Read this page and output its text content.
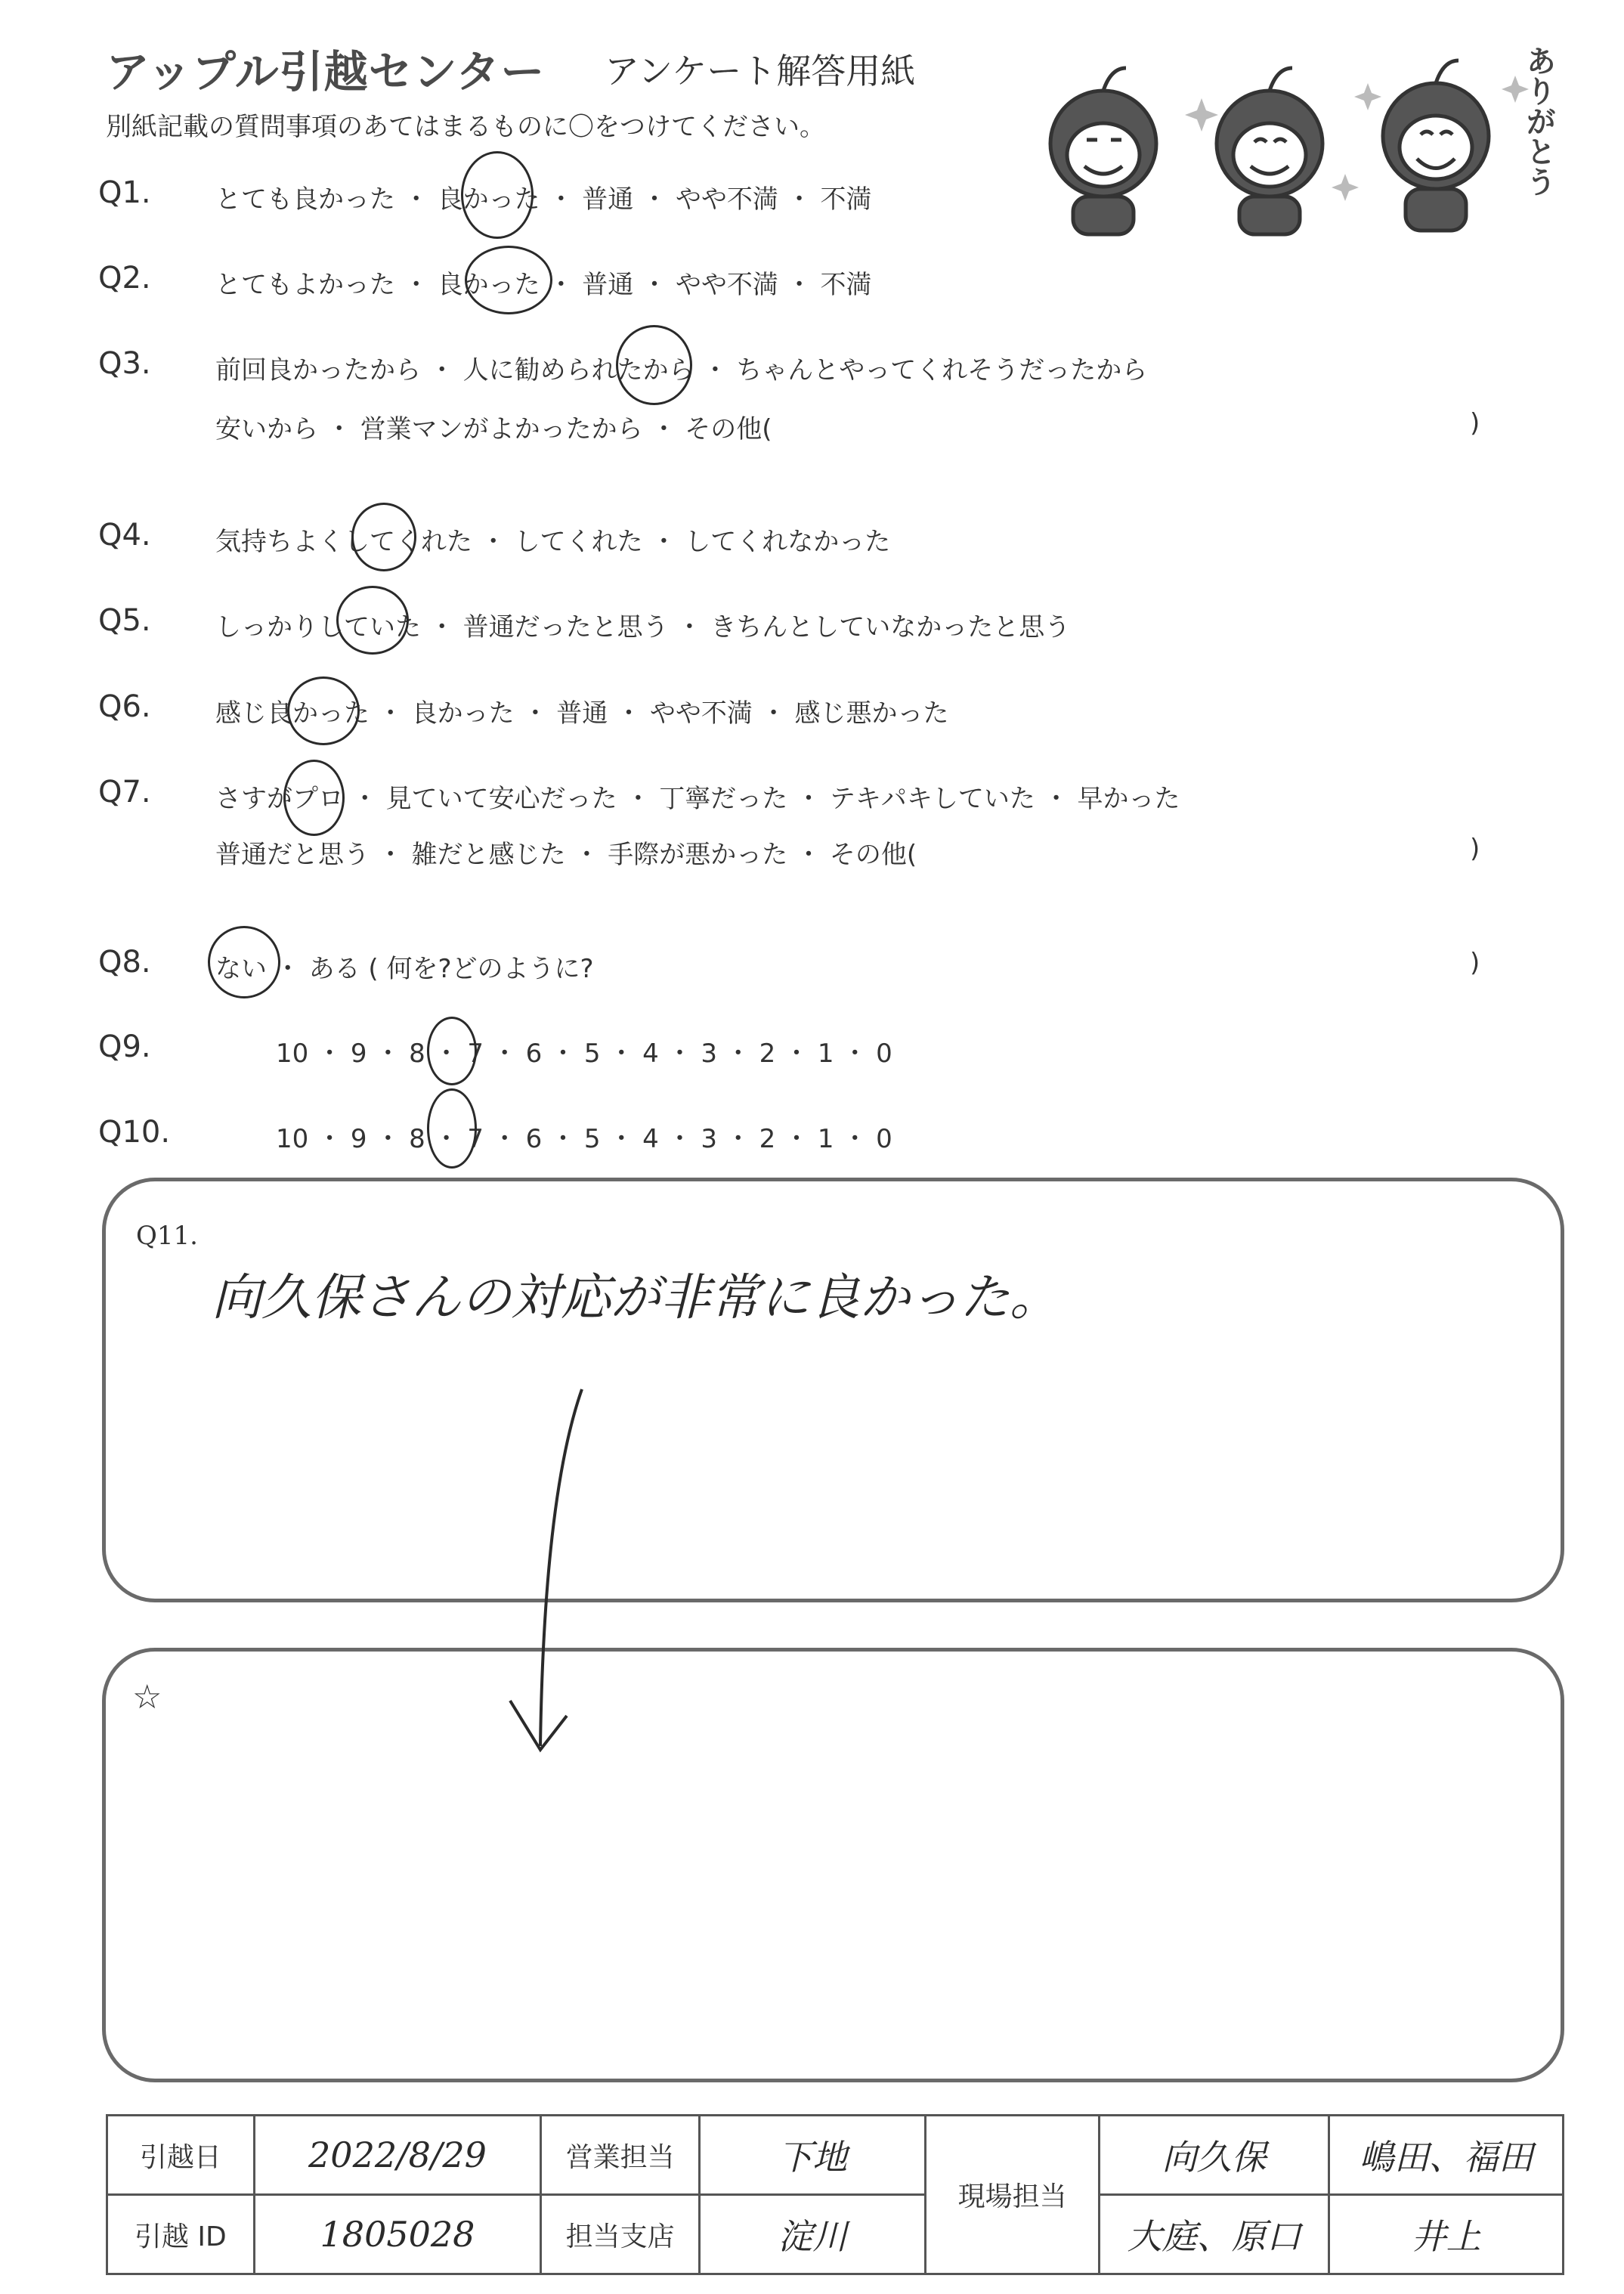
アップル引越センター アンケート解答用紙
別紙記載の質問事項のあてはまるものに〇をつけてください。	ありがとう
Q1.	とても良かった ・ 良かった ・ 普通 ・ やや不満 ・ 不満
Q2.	とてもよかった ・ 良かった ・ 普通 ・ やや不満 ・ 不満
Q3.	前回良かったから ・ 人に勧められたから ・ ちゃんとやってくれそうだったから
安いから ・ 営業マンがよかったから ・ その他(	)
Q4.	気持ちよくしてくれた ・ してくれた ・ してくれなかった
Q5.	しっかりしていた ・ 普通だったと思う ・ きちんとしていなかったと思う
Q6.	感じ良かった ・ 良かった ・ 普通 ・ やや不満 ・ 感じ悪かった
Q7.	さすがプロ ・ 見ていて安心だった ・ 丁寧だった ・ テキパキしていた ・ 早かった
普通だと思う ・ 雑だと感じた ・ 手際が悪かった ・ その他(	)
Q8.	ない ・ ある ( 何を?どのように?	)
Q9.	10 ・ 9 ・ 8 ・ 7 ・ 6 ・ 5 ・ 4 ・ 3 ・ 2 ・ 1 ・ 0
Q10.	10 ・ 9 ・ 8 ・ 7 ・ 6 ・ 5 ・ 4 ・ 3 ・ 2 ・ 1 ・ 0
Q11.
向久保さんの対応が非常に良かった。
☆
引越日	2022/8/29	営業担当	下地	現場担当	向久保	嶋田、福田
引越 ID	1805028	担当支店	淀川		大庭、原口	井上
